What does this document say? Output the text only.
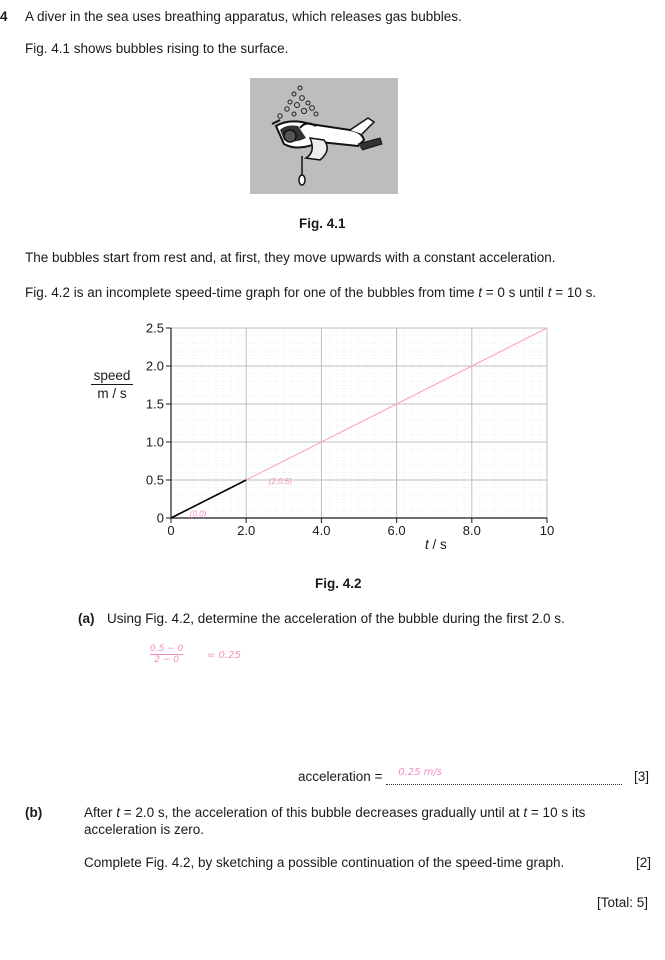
4 A diver in the sea uses breathing apparatus, which releases gas bubbles.
Fig. 4.1 shows bubbles rising to the surface.
Fig. 4.1
The bubbles start from rest and, at first, they move upwards with a constant acceleration.
Fig. 4.2 is an incomplete speed-time graph for one of the bubbles from time t = 0 s until t = 10 s.
0
0.5
1.0
1.5
2.0
2.5
0	2.0	4.0	6.0	8.0	10
(0,0)
(2,0.5)
speed
m / s
t / s
Fig. 4.2
(a) Using Fig. 4.2, determine the acceleration of the bubble during the first 2.0 s.
$\frac{0.5 - 0}{2 - 0} = 0.25$
acceleration = 0.25 m/s
	[3]
(b)	After t = 2.0 s, the acceleration of this bubble decreases gradually until at t = 10 s its
acceleration is zero.
Complete Fig. 4.2, by sketching a possible continuation of the speed-time graph.	[2]
[Total: 5]
